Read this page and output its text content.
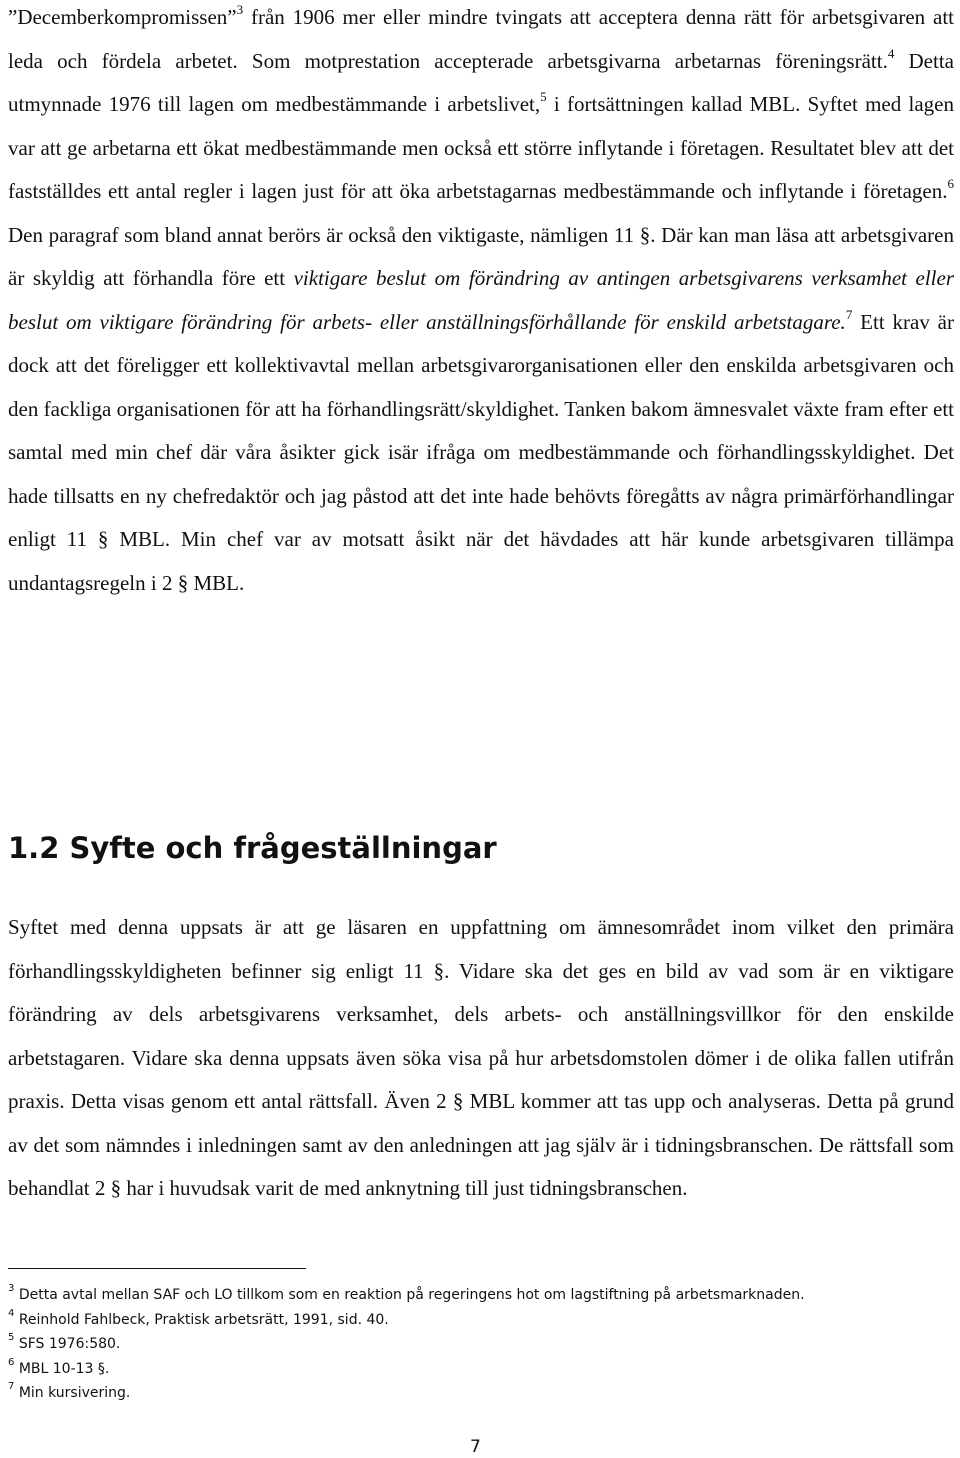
”Decemberkompromissen”$^3$ från 1906 mer eller mindre tvingats att acceptera denna rätt för arbetsgivaren att leda och fördela arbetet. Som motprestation accepterade arbetsgivarna arbetarnas föreningsrätt.$^4$ Detta utmynnade 1976 till lagen om medbestämmande i arbetslivet,$^5$ i fortsättningen kallad MBL. Syftet med lagen var att ge arbetarna ett ökat medbestämmande men också ett större inflytande i företagen. Resultatet blev att det fastställdes ett antal regler i lagen just för att öka arbetstagarnas medbestämmande och inflytande i företagen.$^6$ Den paragraf som bland annat berörs är också den viktigaste, nämligen 11 §. Där kan man läsa att arbetsgivaren är skyldig att förhandla före ett viktigare beslut om förändring av antingen arbetsgivarens verksamhet eller beslut om viktigare förändring för arbets- eller anställningsförhållande för enskild arbetstagare.$^7$ Ett krav är dock att det föreligger ett kollektivavtal mellan arbetsgivarorganisationen eller den enskilda arbetsgivaren och den fackliga organisationen för att ha förhandlingsrätt/skyldighet. Tanken bakom ämnesvalet växte fram efter ett samtal med min chef där våra åsikter gick isär ifråga om medbestämmande och förhandlingsskyldighet. Det hade tillsatts en ny chefredaktör och jag påstod att det inte hade behövts föregåtts av några primärförhandlingar enligt 11 § MBL. Min chef var av motsatt åsikt när det hävdades att här kunde arbetsgivaren tillämpa undantagsregeln i 2 § MBL.

1.2 Syfte och frågeställningar

Syftet med denna uppsats är att ge läsaren en uppfattning om ämnesområdet inom vilket den primära förhandlingsskyldigheten befinner sig enligt 11 §. Vidare ska det ges en bild av vad som är en viktigare förändring av dels arbetsgivarens verksamhet, dels arbets- och anställningsvillkor för den enskilde arbetstagaren. Vidare ska denna uppsats även söka visa på hur arbetsdomstolen dömer i de olika fallen utifrån praxis. Detta visas genom ett antal rättsfall. Även 2 § MBL kommer att tas upp och analyseras. Detta på grund av det som nämndes i inledningen samt av den anledningen att jag själv är i tidningsbranschen. De rättsfall som behandlat 2 § har i huvudsak varit de med anknytning till just tidningsbranschen.

$^3$ Detta avtal mellan SAF och LO tillkom som en reaktion på regeringens hot om lagstiftning på arbetsmarknaden.
$^4$ Reinhold Fahlbeck, Praktisk arbetsrätt, 1991, sid. 40.
$^5$ SFS 1976:580.
$^6$ MBL 10-13 §.
$^7$ Min kursivering.
7
